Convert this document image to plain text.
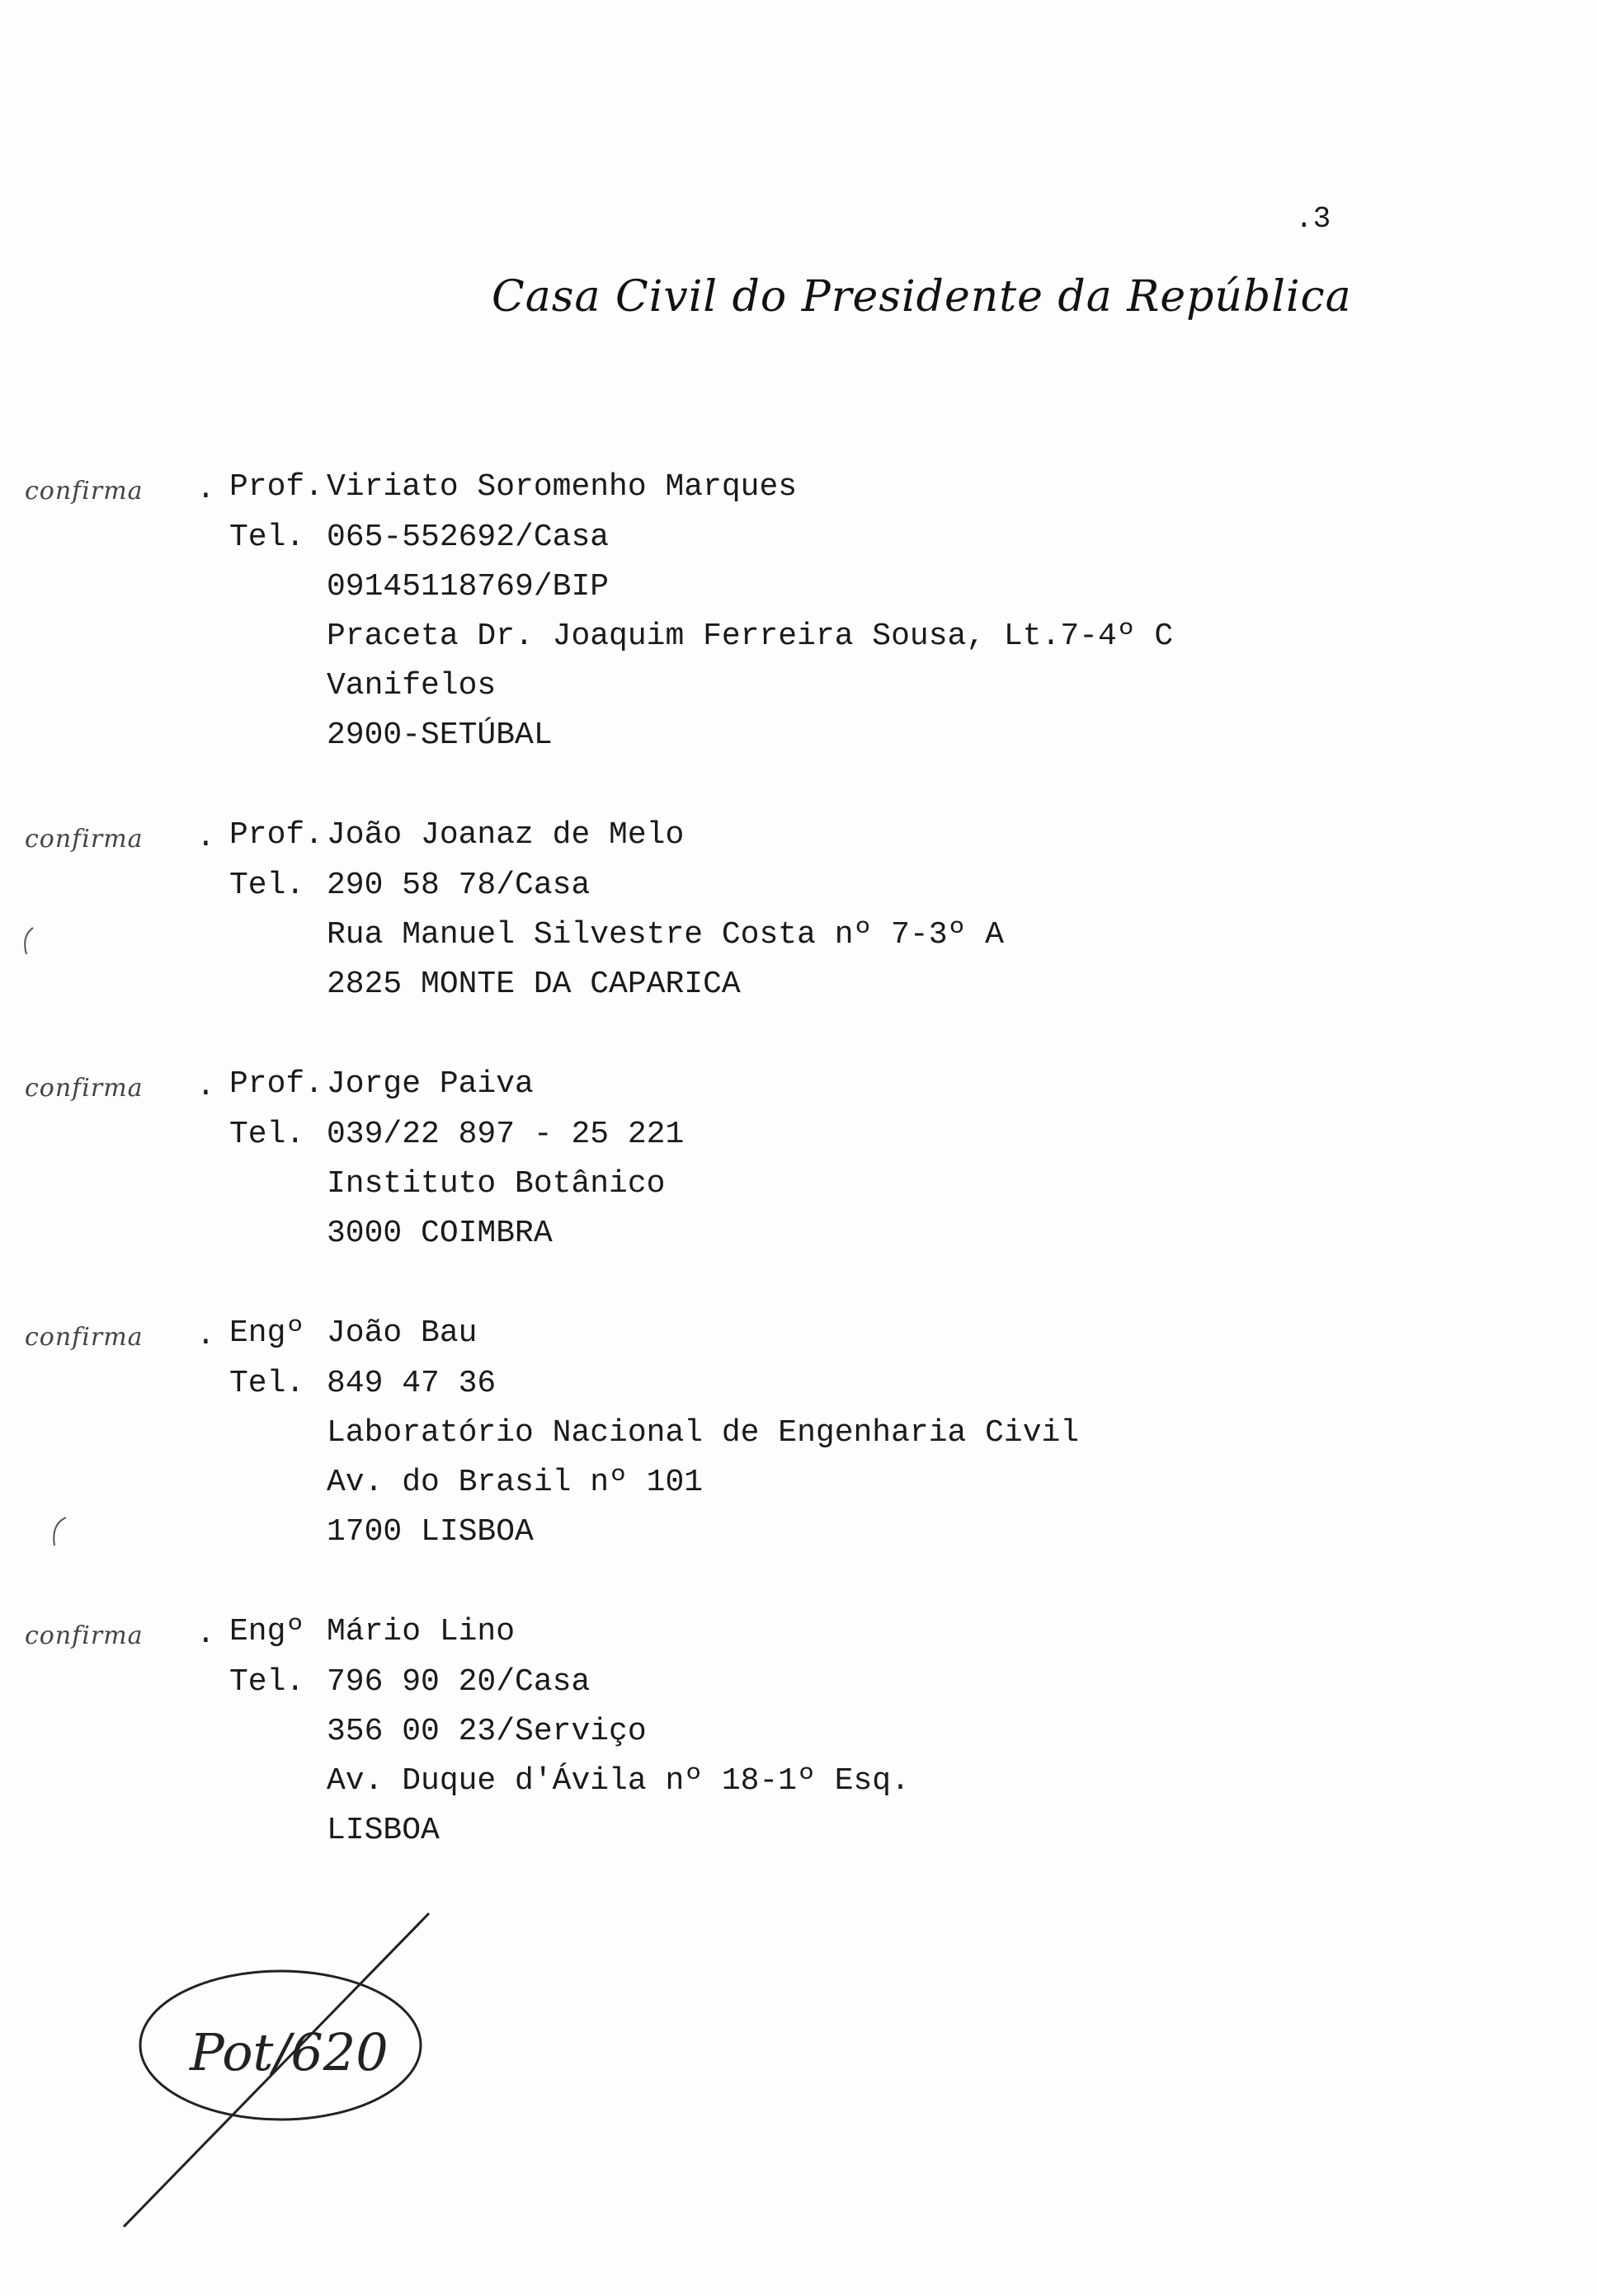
.3
Casa Civil do Presidente da República
confirma . Prof. Viriato Soromenho Marques
Tel. 065-552692/Casa
09145118769/BIP
Praceta Dr. Joaquim Ferreira Sousa, Lt.7-4º C
Vanifelos
2900-SETÚBAL
confirma . Prof. João Joanaz de Melo
Tel. 290 58 78/Casa
Rua Manuel Silvestre Costa nº 7-3º A
2825 MONTE DA CAPARICA
confirma . Prof. Jorge Paiva
Tel. 039/22 897 - 25 221
Instituto Botânico
3000 COIMBRA
confirma . Engº João Bau
Tel. 849 47 36
Laboratório Nacional de Engenharia Civil
Av. do Brasil nº 101
1700 LISBOA
confirma . Engº Mário Lino
Tel. 796 90 20/Casa
356 00 23/Serviço
Av. Duque d'Ávila nº 18-1º Esq.
LISBOA
Pot/620
